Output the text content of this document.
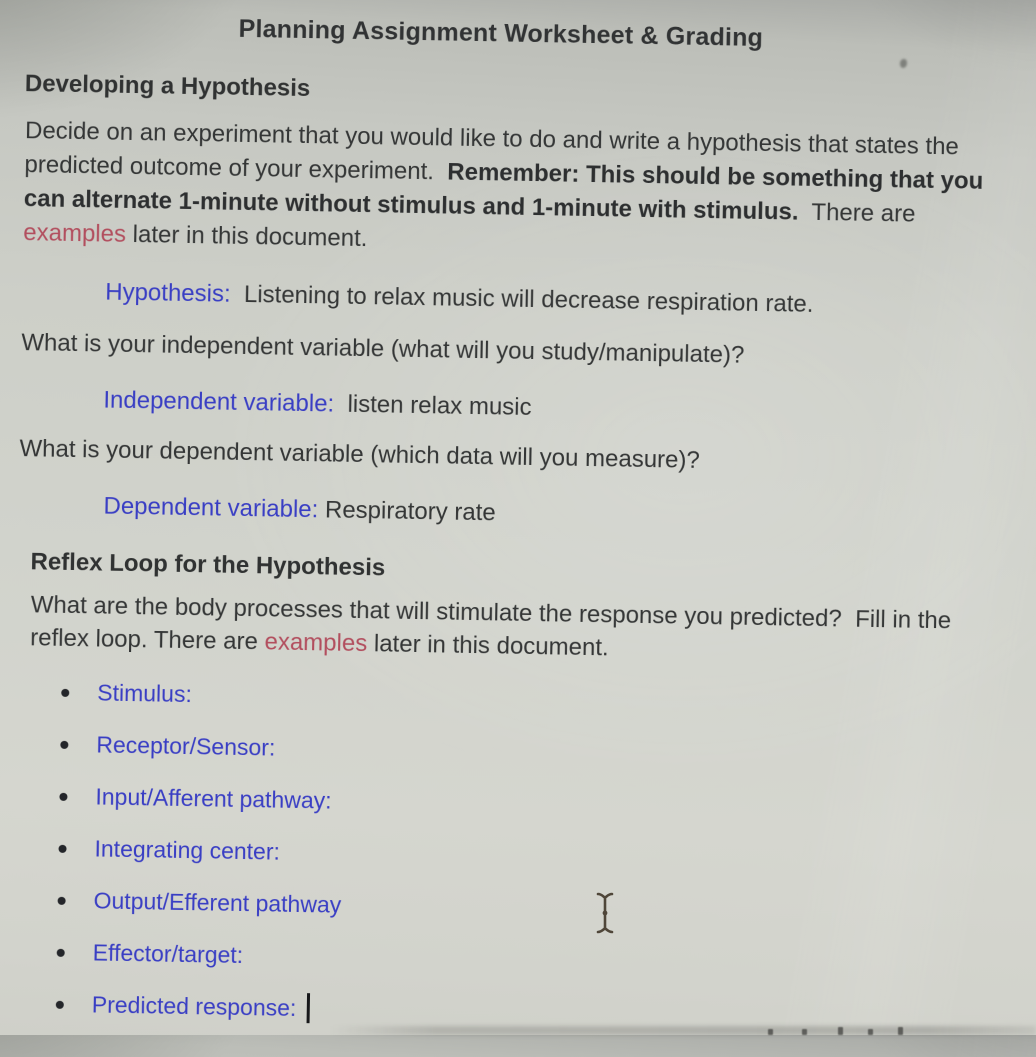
Planning Assignment Worksheet & Grading
Developing a Hypothesis

Decide on an experiment that you would like to do and write a hypothesis that states the predicted outcome of your experiment.  Remember: This should be something that you can alternate 1-minute without stimulus and 1-minute with stimulus.  There are examples later in this document.

Hypothesis:  Listening to relax music will decrease respiration rate.

What is your independent variable (what will you study/manipulate)?

Independent variable:  listen relax music

What is your dependent variable (which data will you measure)?

Dependent variable: Respiratory rate

Reflex Loop for the Hypothesis

What are the body processes that will stimulate the response you predicted?  Fill in the reflex loop. There are examples later in this document.

Stimulus:
Receptor/Sensor:
Input/Afferent pathway:
Integrating center:
Output/Efferent pathway
Effector/target:
Predicted response:
